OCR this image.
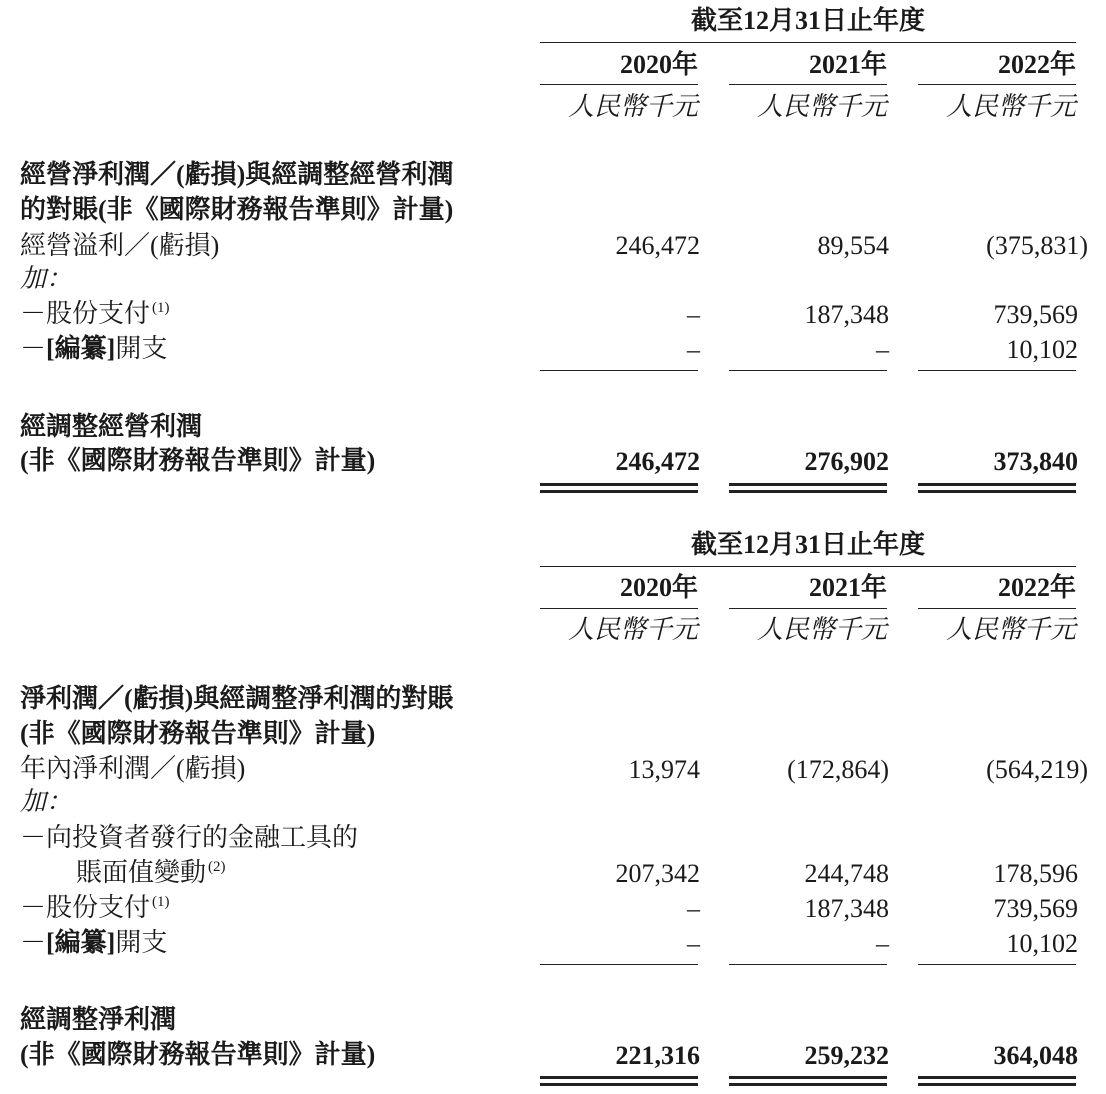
截至12月31日止年度
2020年	2021年	2022年
人民幣千元	人民幣千元	人民幣千元
經營淨利潤／(虧損)與經調整經營利潤
的對賬(非《國際財務報告準則》計量)
經營溢利／(虧損)	246,472	89,554	(375,831)
加：
－股份支付 $^{(1)}$	–	187,348	739,569
－[編纂]開支	–	–	10,102
經調整經營利潤
(非《國際財務報告準則》計量)	246,472	276,902	373,840
截至12月31日止年度
2020年	2021年	2022年
人民幣千元	人民幣千元	人民幣千元
淨利潤／(虧損)與經調整淨利潤的對賬
(非《國際財務報告準則》計量)
年內淨利潤／(虧損)	13,974	(172,864)	(564,219)
加：
－向投資者發行的金融工具的
賬面值變動 $^{(2)}$	207,342	244,748	178,596
－股份支付 $^{(1)}$	–	187,348	739,569
－[編纂]開支	–	–	10,102
經調整淨利潤
(非《國際財務報告準則》計量)	221,316	259,232	364,048
